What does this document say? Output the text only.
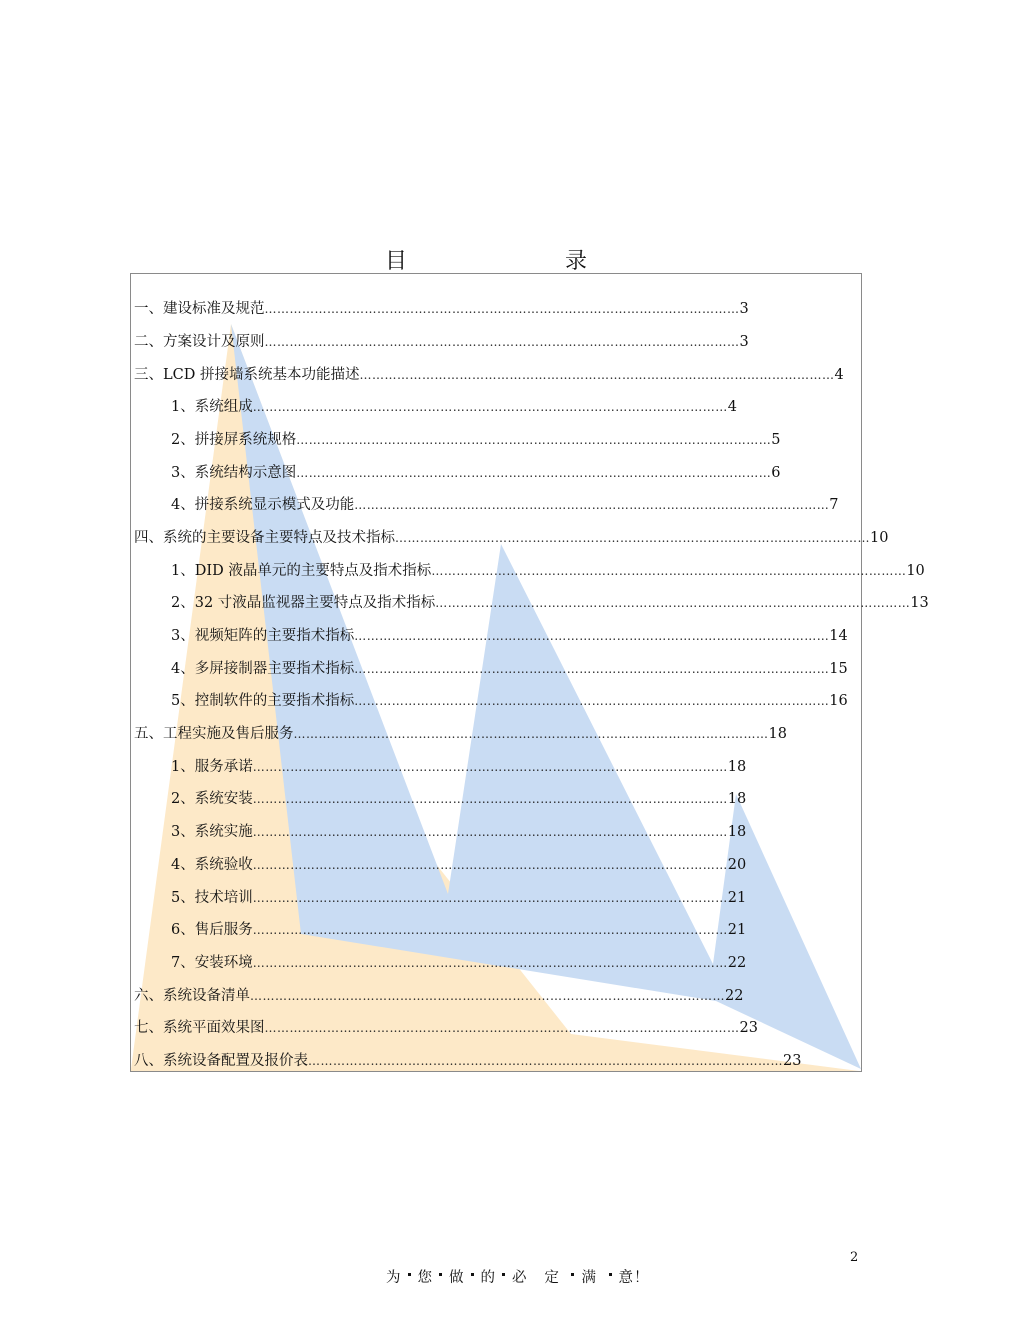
目　　录
一、建设标准及规范 …………………………………………………………………………………………………… 3
二、方案设计及原则 …………………………………………………………………………………………………… 3
三、LCD 拼接墙系统基本功能描述 …………………………………………………………………………………………………… 4
1、系统组成 …………………………………………………………………………………………………… 4
2、拼接屏系统规格 …………………………………………………………………………………………………… 5
3、系统结构示意图 …………………………………………………………………………………………………… 6
4、拼接系统显示模式及功能 …………………………………………………………………………………………………… 7
四、系统的主要设备主要特点及技术指标 …………………………………………………………………………………………………… 10
1、DID 液晶单元的主要特点及指术指标 …………………………………………………………………………………………………… 10
2、32 寸液晶监视器主要特点及指术指标 …………………………………………………………………………………………………… 13
3、视频矩阵的主要指术指标 …………………………………………………………………………………………………… 14
4、多屏接制器主要指术指标 …………………………………………………………………………………………………… 15
5、控制软件的主要指术指标 …………………………………………………………………………………………………… 16
五、工程实施及售后服务 …………………………………………………………………………………………………… 18
1、服务承诺 …………………………………………………………………………………………………… 18
2、系统安装 …………………………………………………………………………………………………… 18
3、系统实施 …………………………………………………………………………………………………… 18
4、系统验收 …………………………………………………………………………………………………… 20
5、技术培训 …………………………………………………………………………………………………… 21
6、售后服务 …………………………………………………………………………………………………… 21
7、安装环境 …………………………………………………………………………………………………… 22
六、系统设备清单 …………………………………………………………………………………………………… 22
七、系统平面效果图 …………………………………………………………………………………………………… 23
八、系统设备配置及报价表 …………………………………………………………………………………………………… 23
2
为 您 做 的 必 定 满 意！
